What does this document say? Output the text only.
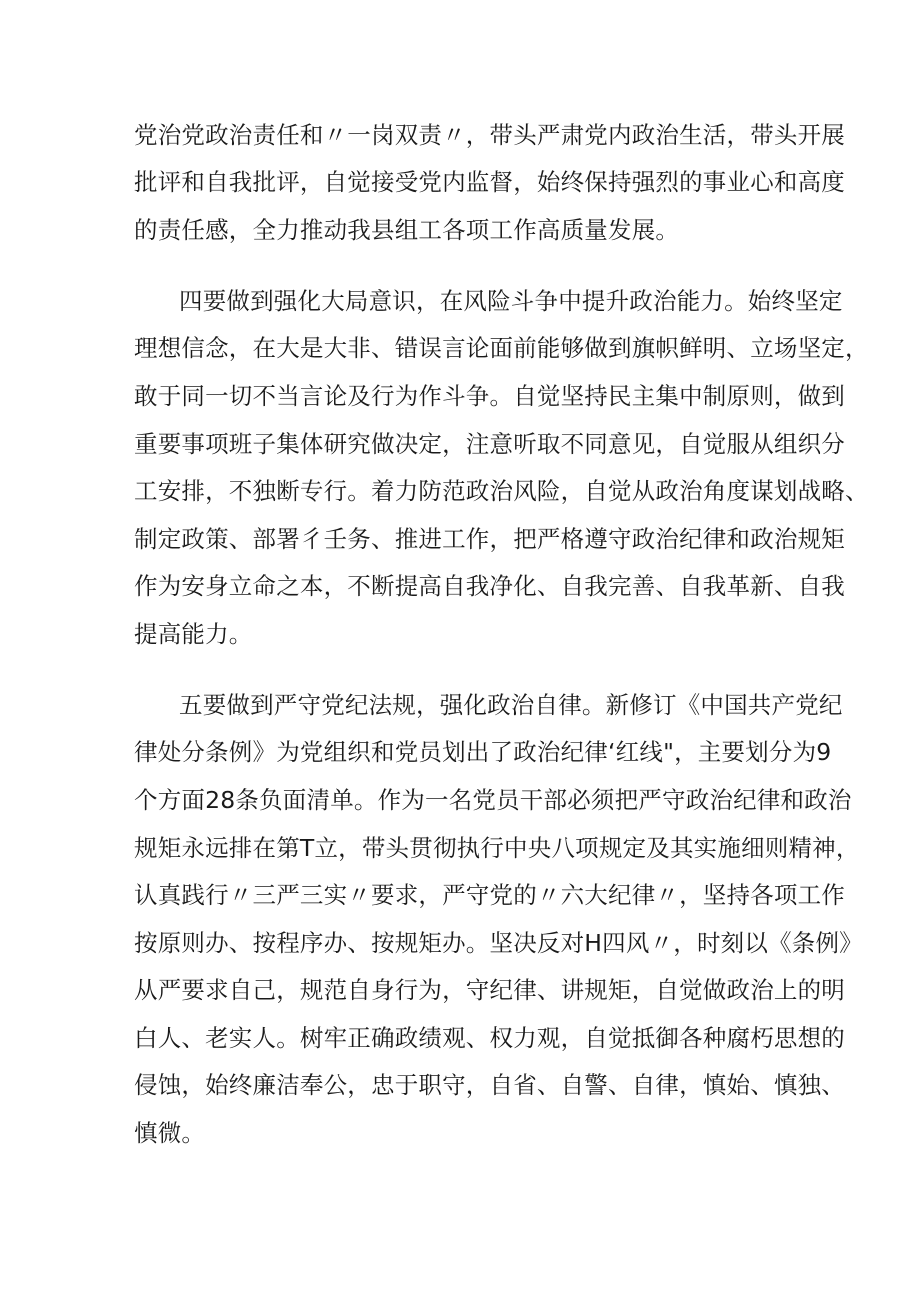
党治党政治责任和〃一岗双责〃，带头严肃党内政治生活，带头开展
批评和自我批评，自觉接受党内监督，始终保持强烈的事业心和高度
的责任感，全力推动我县组工各项工作高质量发展。
四要做到强化大局意识，在风险斗争中提升政治能力。始终坚定
理想信念，在大是大非、错误言论面前能够做到旗帜鲜明、立场坚定，
敢于同一切不当言论及行为作斗争。自觉坚持民主集中制原则，做到
重要事项班子集体研究做决定，注意听取不同意见，自觉服从组织分
工安排，不独断专行。着力防范政治风险，自觉从政治角度谋划战略、
制定政策、部署彳壬务、推进工作，把严格遵守政治纪律和政治规矩
作为安身立命之本，不断提高自我净化、自我完善、自我革新、自我
提高能力。
五要做到严守党纪法规，强化政治自律。新修订《中国共产党纪
律处分条例》为党组织和党员划出了政治纪律‘红线"，主要划分为9
个方面28条负面清单。作为一名党员干部必须把严守政治纪律和政治
规矩永远排在第T立，带头贯彻执行中央八项规定及其实施细则精神，
认真践行〃三严三实〃要求，严守党的〃六大纪律〃，坚持各项工作
按原则办、按程序办、按规矩办。坚决反对H四风〃，时刻以《条例》
从严要求自己，规范自身行为，守纪律、讲规矩，自觉做政治上的明
白人、老实人。树牢正确政绩观、权力观，自觉抵御各种腐朽思想的
侵蚀，始终廉洁奉公，忠于职守，自省、自警、自律，慎始、慎独、
慎微。
